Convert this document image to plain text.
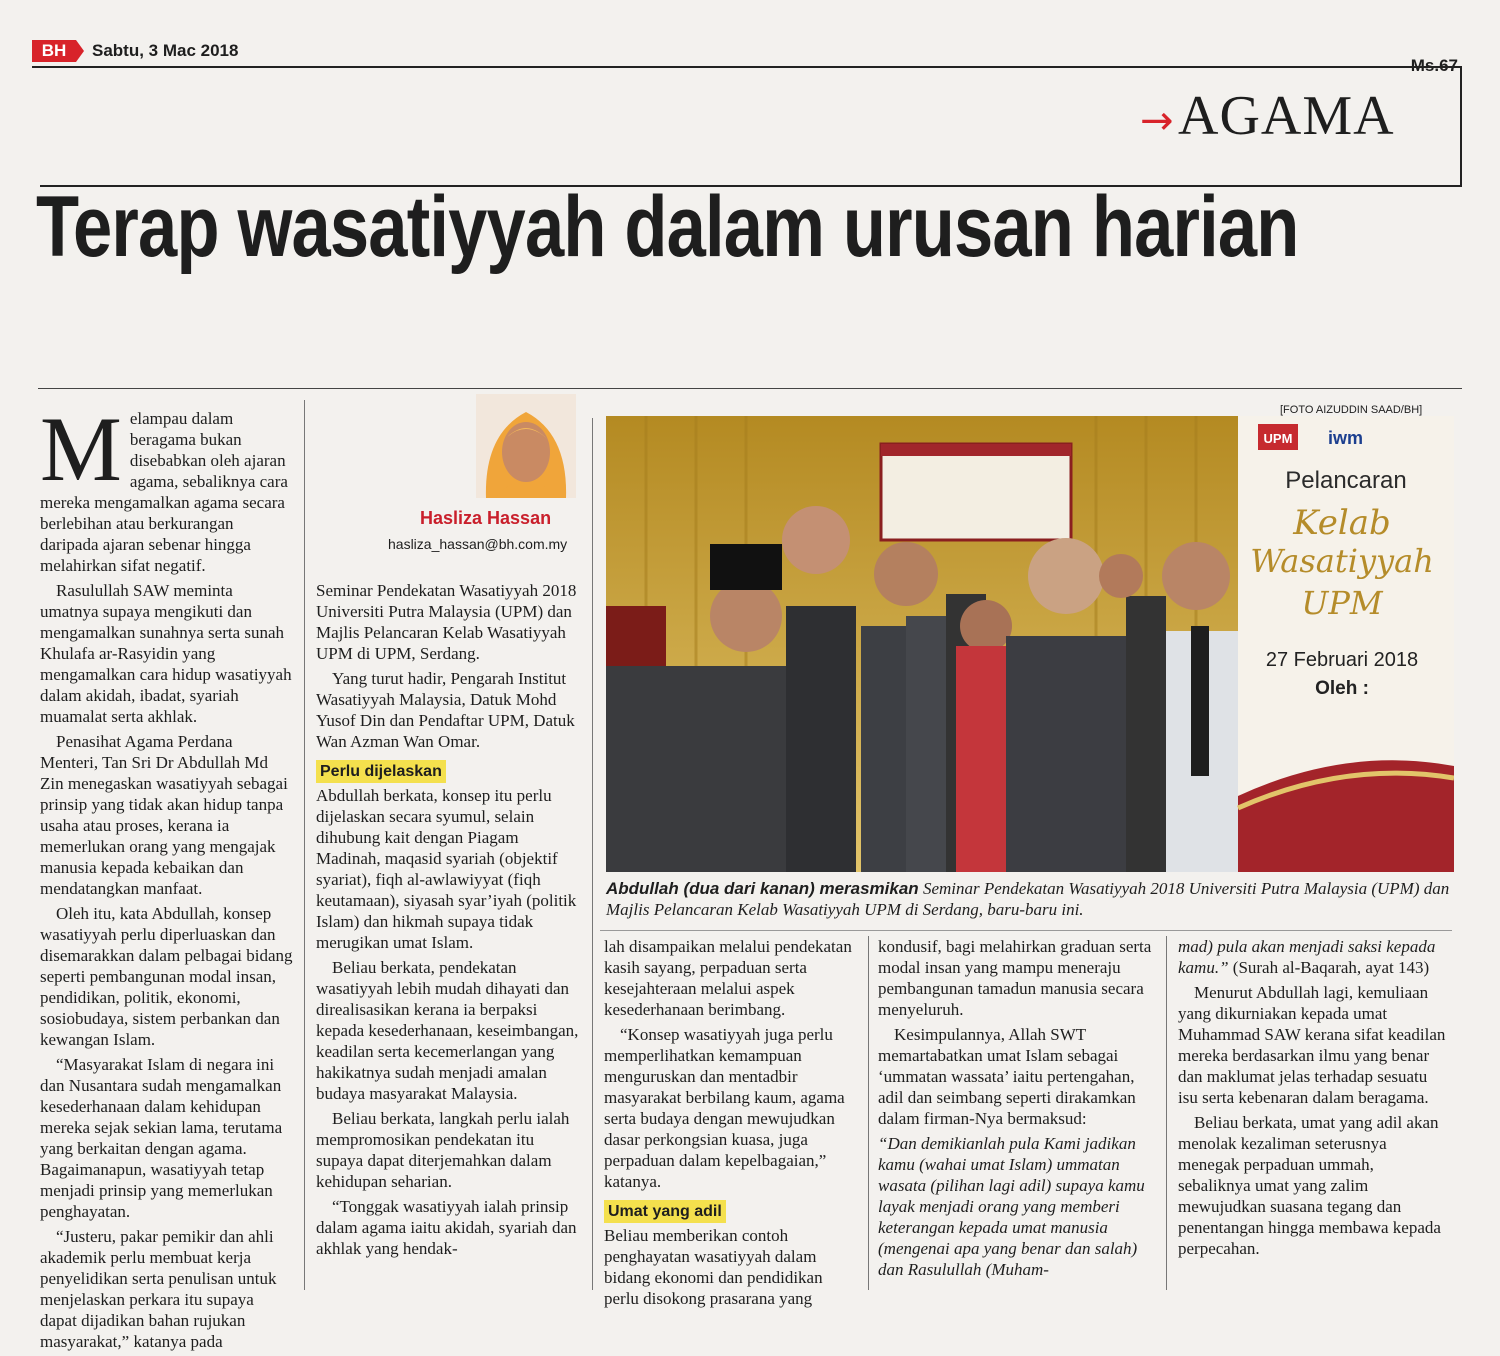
BH	Sabtu, 3 Mac 2018
→ AGAMA
Terap wasatiyyah dalam urusan harian

Melampau dalam beragama bukan disebabkan oleh ajaran agama, sebaliknya cara mereka mengamalkan agama secara berlebihan atau berkurangan daripada ajaran sebenar hingga melahirkan sifat negatif.

Rasulullah SAW meminta umatnya supaya mengikuti dan mengamalkan sunahnya serta sunah Khulafa ar-Rasyidin yang mengamalkan cara hidup wasatiyyah dalam akidah, ibadat, syariah muamalat serta akhlak.

Penasihat Agama Perdana Menteri, Tan Sri Dr Abdullah Md Zin menegaskan wasatiyyah sebagai prinsip yang tidak akan hidup tanpa usaha atau proses, kerana ia memerlukan orang yang mengajak manusia kepada kebaikan dan mendatangkan manfaat.

Oleh itu, kata Abdullah, konsep wasatiyyah perlu diperluaskan dan disemarakkan dalam pelbagai bidang seperti pembangunan modal insan, pendidikan, politik, ekonomi, sosiobudaya, sistem perbankan dan kewangan Islam.

“Masyarakat Islam di negara ini dan Nusantara sudah mengamalkan kesederhanaan dalam kehidupan mereka sejak sekian lama, terutama yang berkaitan dengan agama. Bagaimanapun, wasatiyyah tetap menjadi prinsip yang memerlukan penghayatan.

“Justeru, pakar pemikir dan ahli akademik perlu membuat kerja penyelidikan serta penulisan untuk menjelaskan perkara itu supaya dapat dijadikan bahan rujukan masyarakat,” katanya pada

Hasliza Hassan
hasliza_hassan@bh.com.my

Seminar Pendekatan Wasatiyyah 2018 Universiti Putra Malaysia (UPM) dan Majlis Pelancaran Kelab Wasatiyyah UPM di UPM, Serdang.

Yang turut hadir, Pengarah Institut Wasatiyyah Malaysia, Datuk Mohd Yusof Din dan Pendaftar UPM, Datuk Wan Azman Wan Omar.

Perlu dijelaskan

Abdullah berkata, konsep itu perlu dijelaskan secara syumul, selain dihubung kait dengan Piagam Madinah, maqasid syariah (objektif syariat), fiqh al-awlawiyyat (fiqh keutamaan), siyasah syar’iyah (politik Islam) dan hikmah supaya tidak merugikan umat Islam.

Beliau berkata, pendekatan wasatiyyah lebih mudah dihayati dan direalisasikan kerana ia berpaksi kepada kesederhanaan, keseimbangan, keadilan serta kecemerlangan yang hakikatnya sudah menjadi amalan budaya masyarakat Malaysia.

Beliau berkata, langkah perlu ialah mempromosikan pendekatan itu supaya dapat diterjemahkan dalam kehidupan seharian.

“Tonggak wasatiyyah ialah prinsip dalam agama iaitu akidah, syariah dan akhlak yang hendak-

[FOTO AIZUDDIN SAAD/BH]
UPM iwm
Pelancaran
Kelab
Wasatiyyah
UPM
27 Februari 2018
Oleh :
Abdullah (dua dari kanan) merasmikan Seminar Pendekatan Wasatiyyah 2018 Universiti Putra Malaysia (UPM) dan Majlis Pelancaran Kelab Wasatiyyah UPM di Serdang, baru-baru ini.

lah disampaikan melalui pendekatan kasih sayang, perpaduan serta kesejahteraan melalui aspek kesederhanaan berimbang.

“Konsep wasatiyyah juga perlu memperlihatkan kemampuan menguruskan dan mentadbir masyarakat berbilang kaum, agama serta budaya dengan mewujudkan dasar perkongsian kuasa, juga perpaduan dalam kepelbagaian,” katanya.

Umat yang adil

Beliau memberikan contoh penghayatan wasatiyyah dalam bidang ekonomi dan pendidikan perlu disokong prasarana yang

kondusif, bagi melahirkan graduan serta modal insan yang mampu meneraju pembangunan tamadun manusia secara menyeluruh.

Kesimpulannya, Allah SWT memartabatkan umat Islam sebagai ‘ummatan wassata’ iaitu pertengahan, adil dan seimbang seperti dirakamkan dalam firman-Nya bermaksud:

“Dan demikianlah pula Kami jadikan kamu (wahai umat Islam) ummatan wasata (pilihan lagi adil) supaya kamu layak menjadi orang yang memberi keterangan kepada umat manusia (mengenai apa yang benar dan salah) dan Rasulullah (Muham-

mad) pula akan menjadi saksi kepada kamu.” (Surah al-Baqarah, ayat 143)

Menurut Abdullah lagi, kemuliaan yang dikurniakan kepada umat Muhammad SAW kerana sifat keadilan mereka berdasarkan ilmu yang benar dan maklumat jelas terhadap sesuatu isu serta kebenaran dalam beragama.

Beliau berkata, umat yang adil akan menolak kezaliman seterusnya menegak perpaduan ummah, sebaliknya umat yang zalim mewujudkan suasana tegang dan penentangan hingga membawa kepada perpecahan.
